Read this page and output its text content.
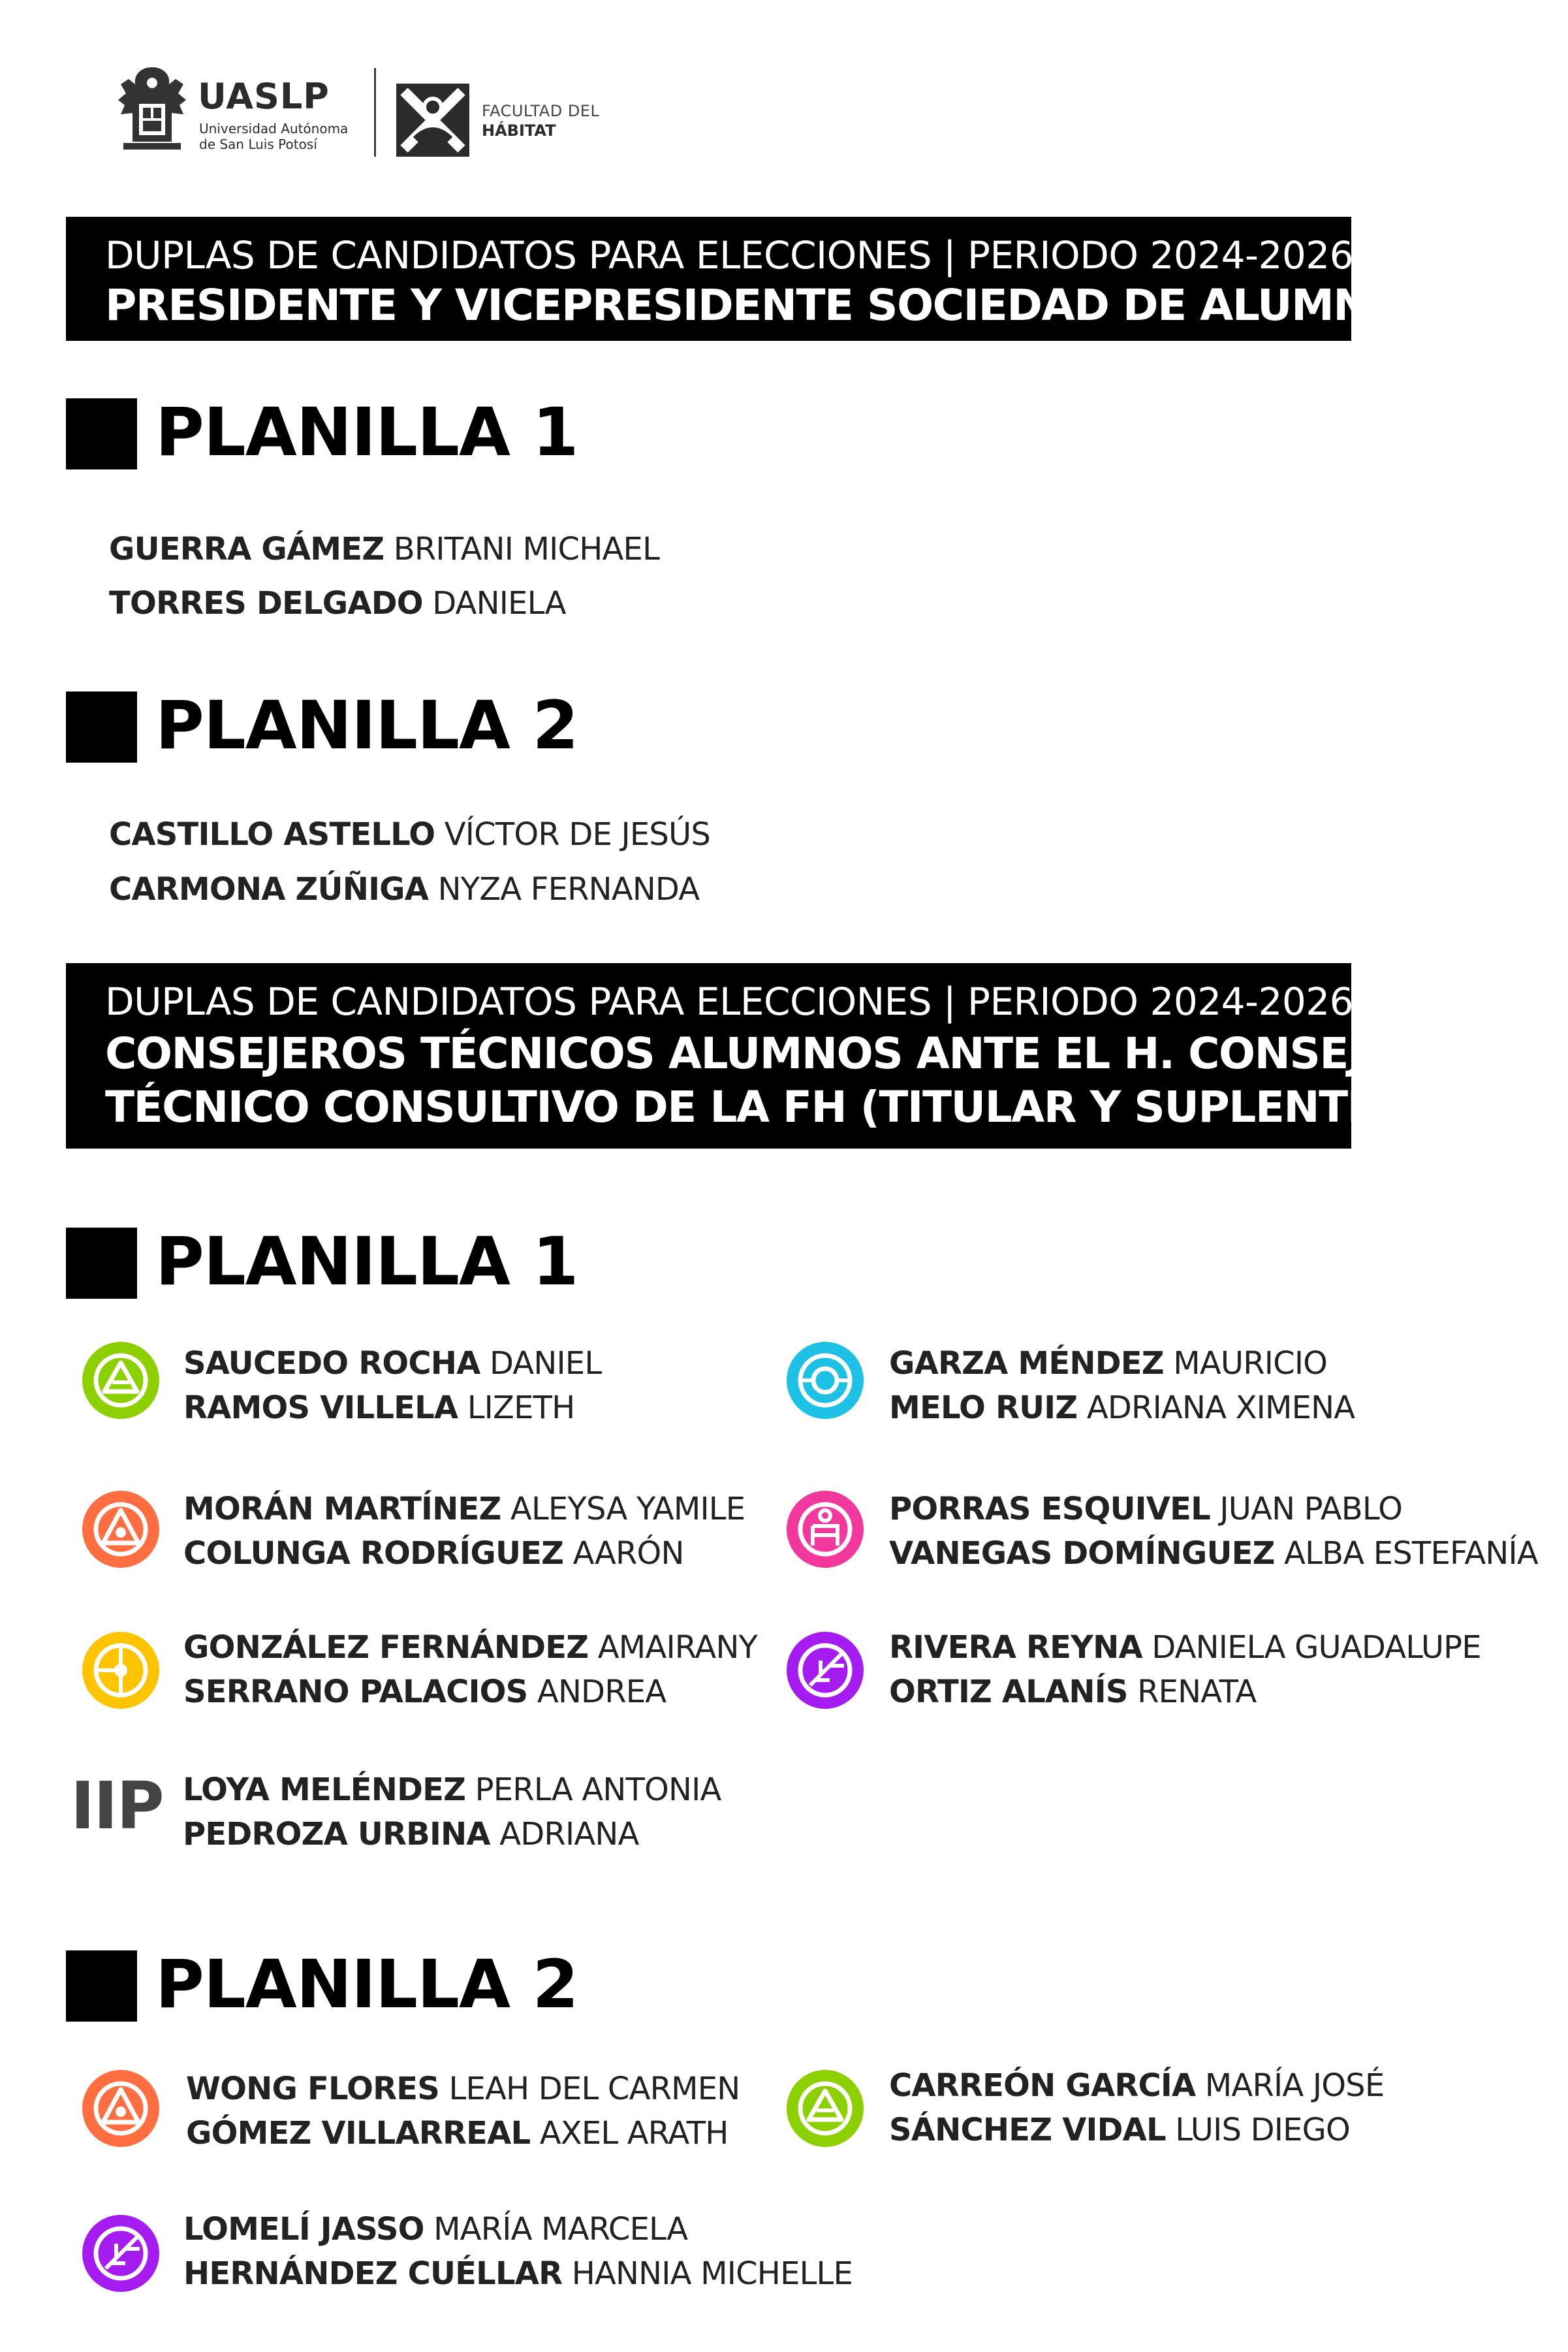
UASLP
Universidad Autónoma
de San Luis Potosí
FACULTAD DEL
HÁBITAT
DUPLAS DE CANDIDATOS PARA ELECCIONES | PERIODO 2024-2026
PRESIDENTE Y VICEPRESIDENTE SOCIEDAD DE ALUMNOS
PLANILLA 1
GUERRA GÁMEZ BRITANI MICHAEL
TORRES DELGADO DANIELA
PLANILLA 2
CASTILLO ASTELLO VÍCTOR DE JESÚS
CARMONA ZÚÑIGA NYZA FERNANDA
DUPLAS DE CANDIDATOS PARA ELECCIONES | PERIODO 2024-2026
CONSEJEROS TÉCNICOS ALUMNOS ANTE EL H. CONSEJO
TÉCNICO CONSULTIVO DE LA FH (TITULAR Y SUPLENTE)
PLANILLA 1
SAUCEDO ROCHA DANIEL
RAMOS VILLELA LIZETH
GARZA MÉNDEZ MAURICIO
MELO RUIZ ADRIANA XIMENA
MORÁN MARTÍNEZ ALEYSA YAMILE
COLUNGA RODRÍGUEZ AARÓN
PORRAS ESQUIVEL JUAN PABLO
VANEGAS DOMÍNGUEZ ALBA ESTEFANÍA
GONZÁLEZ FERNÁNDEZ AMAIRANY
SERRANO PALACIOS ANDREA
RIVERA REYNA DANIELA GUADALUPE
ORTIZ ALANÍS RENATA
IIP LOYA MELÉNDEZ PERLA ANTONIA
PEDROZA URBINA ADRIANA
PLANILLA 2
WONG FLORES LEAH DEL CARMEN
GÓMEZ VILLARREAL AXEL ARATH
CARREÓN GARCÍA MARÍA JOSÉ
SÁNCHEZ VIDAL LUIS DIEGO
LOMELÍ JASSO MARÍA MARCELA
HERNÁNDEZ CUÉLLAR HANNIA MICHELLE
